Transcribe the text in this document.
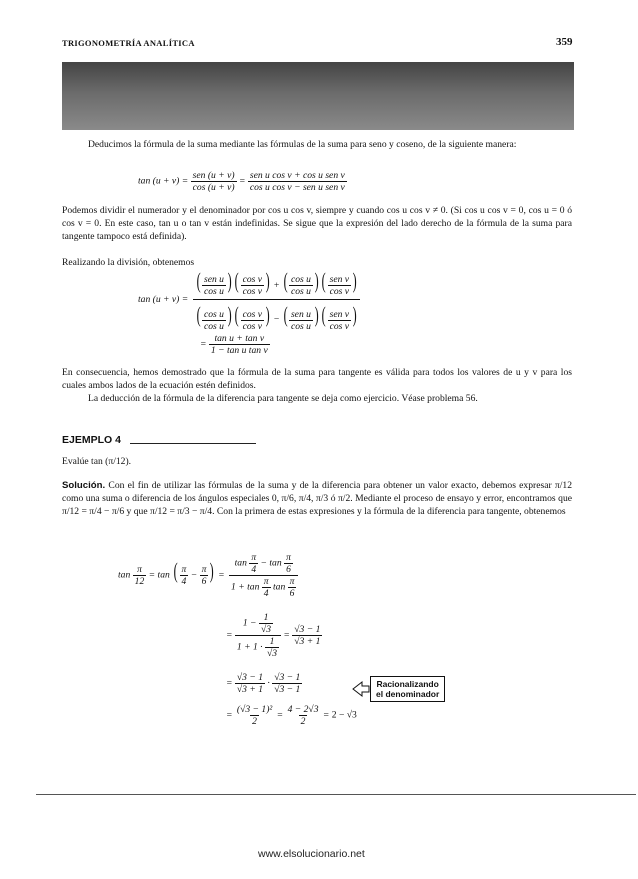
TRIGONOMETRÍA ANALÍTICA	359
Deducimos la fórmula de la suma mediante las fórmulas de la suma para seno y coseno, de la siguiente manera:
$\tan (u + v) = \frac{\text{sen (u + v)}}{\cos (u + v)} = \frac{\text{sen u cos v + cos u sen v}}{\text{cos u cos v − sen u sen v}}$
Podemos dividir el numerador y el denominador por cos u cos v, siempre y cuando cos u cos v ≠ 0. (Si cos u cos v = 0, cos u = 0 ó cos v = 0. En este caso, tan u o tan v están indefinidas. Se sigue que la expresión del lado derecho de la fórmula de la suma para tangente tampoco está definida).
Realizando la división, obtenemos
tan (u + v) =
( $\frac{\text{sen u}}{\text{cos u}}$ ) ( $\frac{\text{cos v}}{\text{cos v}}$ ) + ( $\frac{\text{cos u}}{\text{cos u}}$ ) ( $\frac{\text{sen v}}{\text{cos v}}$ )
( $\frac{\text{cos u}}{\text{cos u}}$ ) ( $\frac{\text{cos v}}{\text{cos v}}$ ) − ( $\frac{\text{sen u}}{\text{cos u}}$ ) ( $\frac{\text{sen v}}{\text{cos v}}$ )
= $\frac{\text{tan u + tan v}}{\text{1 − tan u tan v}}$
En consecuencia, hemos demostrado que la fórmula de la suma para tangente es válida para todos los valores de u y v para los cuales ambos lados de la ecuación estén definidos.
La deducción de la fórmula de la diferencia para tangente se deja como ejercicio. Véase problema 56.
EJEMPLO 4
Evalúe tan (π/12).
Solución. Con el fin de utilizar las fórmulas de la suma y de la diferencia para obtener un valor exacto, debemos expresar π/12 como una suma o diferencia de los ángulos especiales 0, π/6, π/4, π/3 ó π/2. Mediante el proceso de ensayo y error, encontramos que π/12 = π/4 − π/6 y que π/12 = π/3 − π/4. Con la primera de estas expresiones y la fórmula de la diferencia para tangente, obtenemos
$\tan \frac{\pi}{12} = \tan$ ( $\frac{\pi}{4} - \frac{\pi}{6}$ ) = $\frac{\tan \frac{\pi}{4} - \tan \frac{\pi}{6}}{1 + \tan \frac{\pi}{4} \tan \frac{\pi}{6}}$
= $\frac{1 - \frac{1}{√3}}{1 + 1 \cdot \frac{1}{√3}} = \frac{√3 - 1}{√3 + 1}$
= $\frac{√3 - 1}{√3 + 1} \cdot \frac{√3 - 1}{√3 - 1}$	Racionalizando
el denominador
= $\frac{\text{(√3 − 1)²}}{2} = \frac{4 - 2√3}{2} = 2 - √3$
www.elsolucionario.net
